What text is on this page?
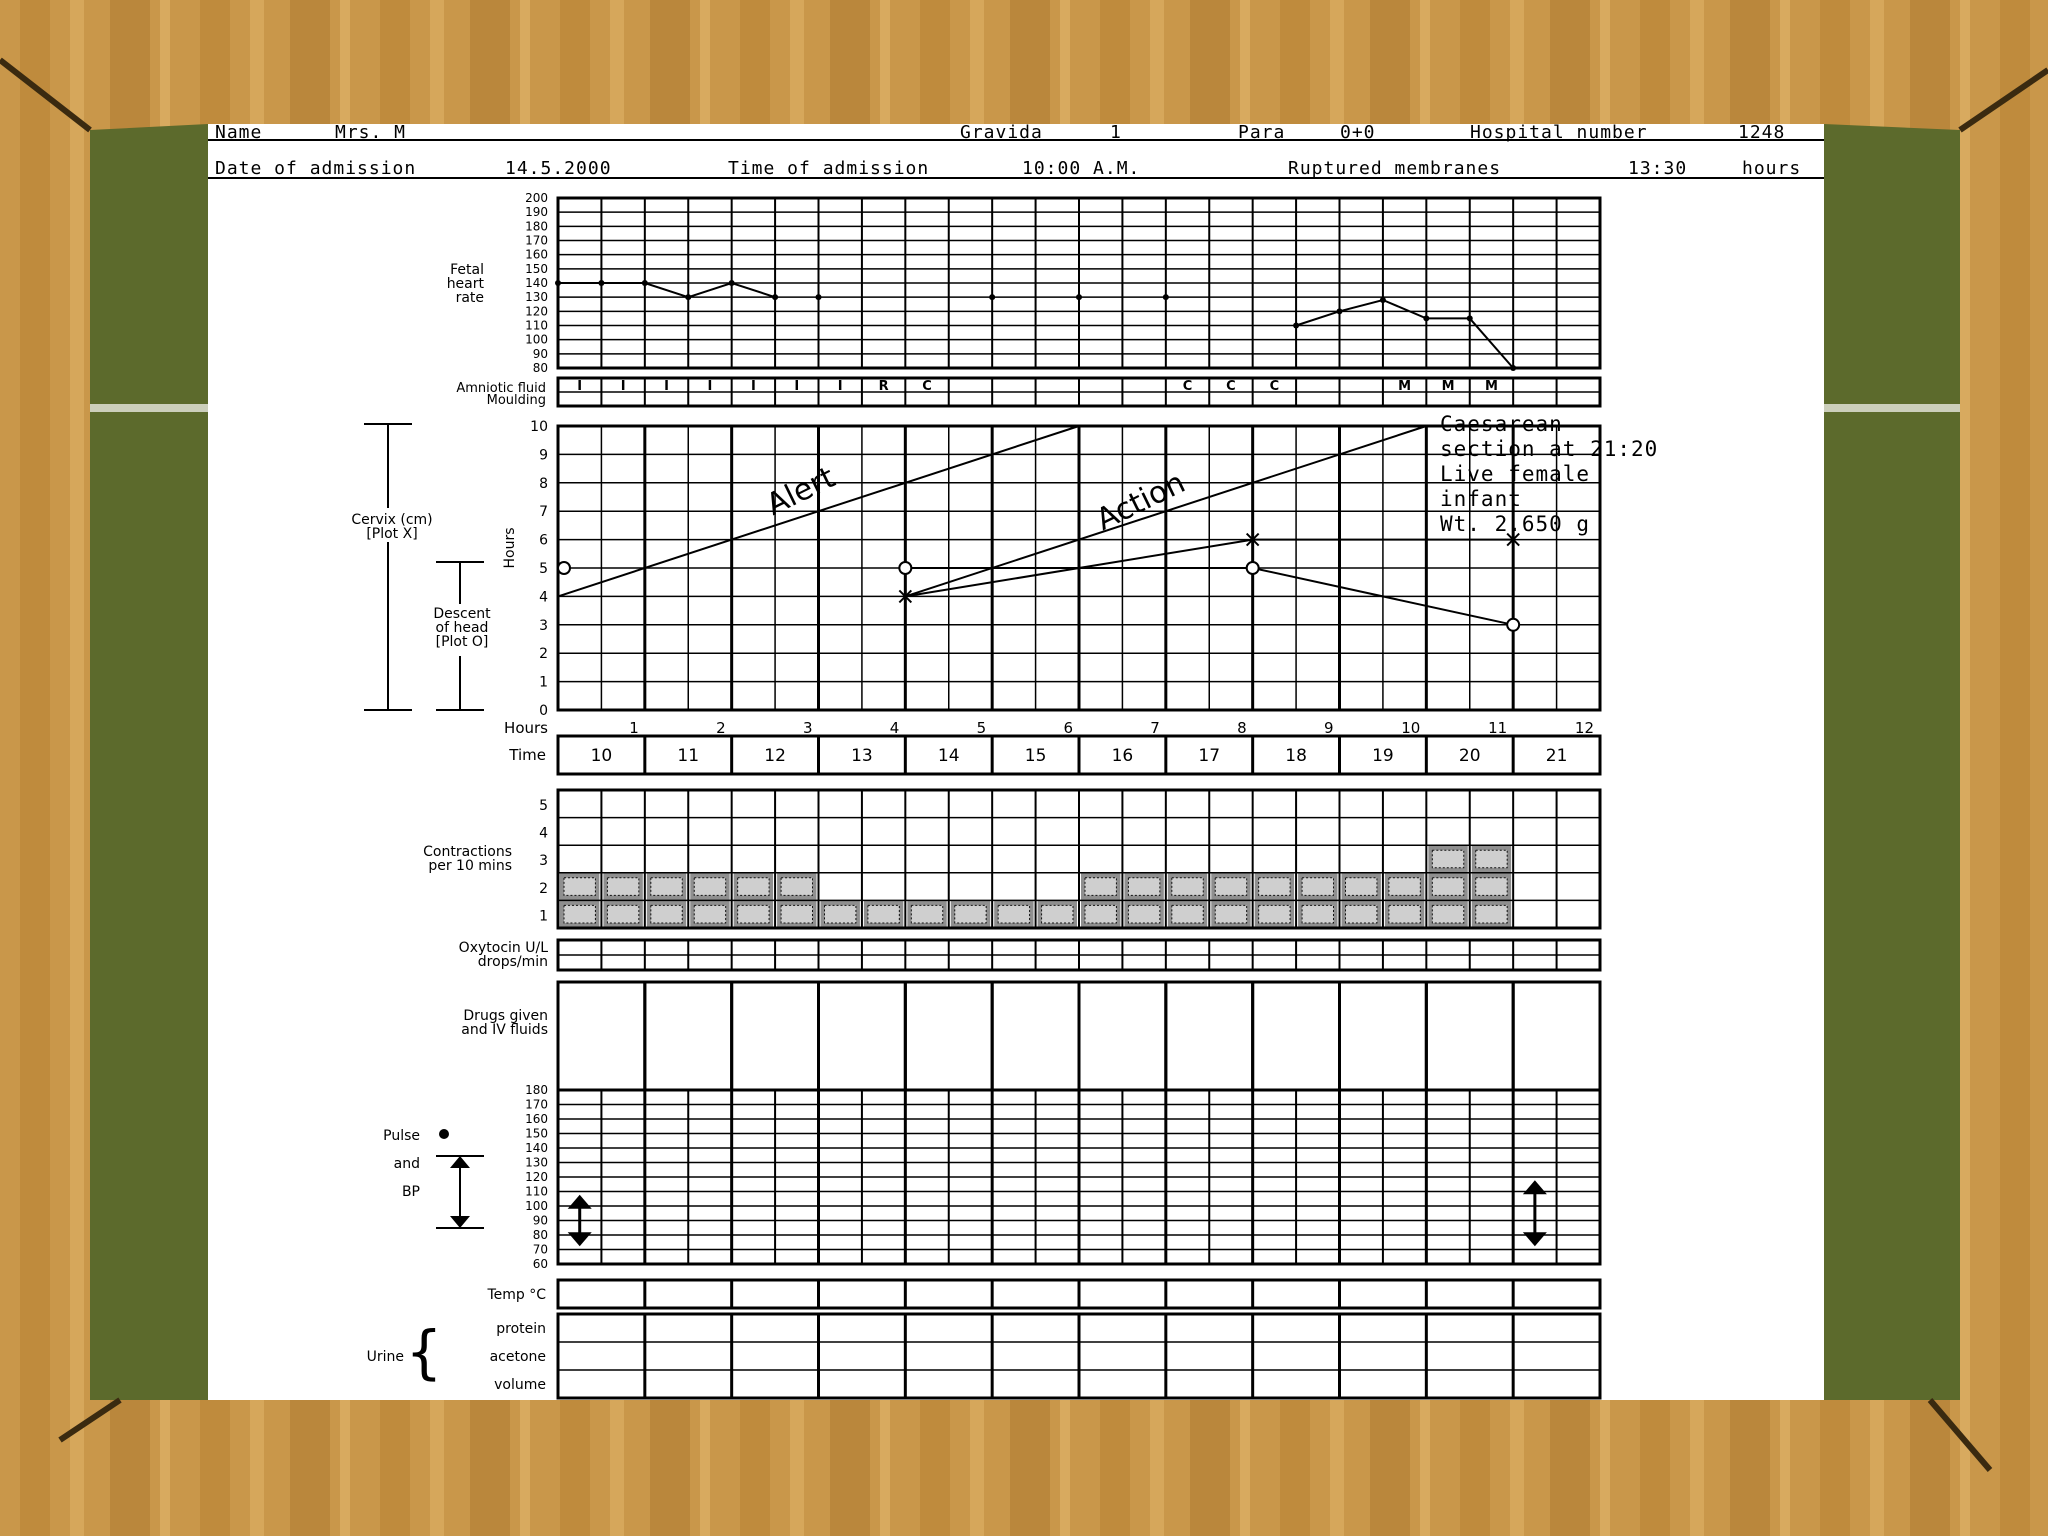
Name	Mrs. M	Gravida	1	Para	0+0	Hospital number	1248
Date of admission	14.5.2000	Time of admission	10:00 A.M.	Ruptured membranes	13:30	hours
Caesarean
section at 21:20
Live female
infant
Wt. 2.650 g
200
190
180
170
160
150
140
130
120
110
100
90
80
Fetal
heart
rate
I	I	I	I	I	I	I	R	C	C	C	C	M M M
Amniotic fluid
Moulding
10
9
8
7
6
5
4
3
2
1
0
Alert	Action
Cervix (cm)
[Plot X]
Descent
of head
[Plot O]
Hours
Hours	1	2	3	4	5	6	7	8	9	10	11	12
Time	10	11	12	13	14	15	16	17	18	19	20	21
5
4
3
2
1
Contractions
per 10 mins
Oxytocin U/L
drops/min
Drugs given
and IV fluids
180
170
160
150
140
130
120
110
100
90
80
70
60
Pulse
and
BP
Temp °C
protein
acetone
volume
Urine {
